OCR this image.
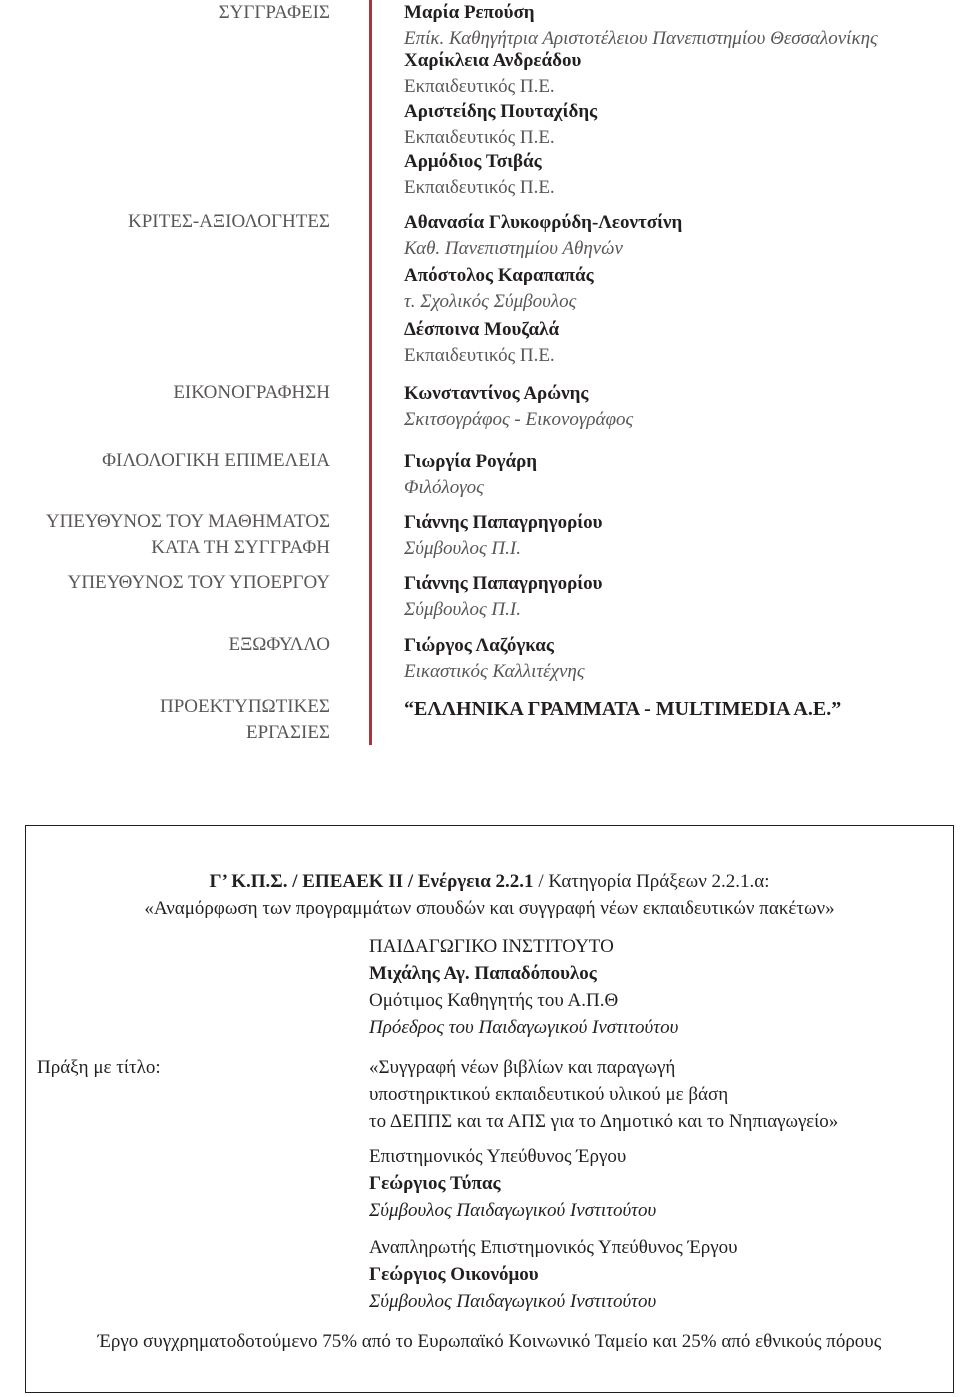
ΣΥΓΓΡΑΦΕΙΣ
ΚΡΙΤΕΣ-ΑΞΙΟΛΟΓΗΤΕΣ
ΕΙΚΟΝΟΓΡΑΦΗΣΗ
ΦΙΛΟΛΟΓΙΚΗ ΕΠΙΜΕΛΕΙΑ
ΥΠΕΥΘΥΝΟΣ ΤΟΥ ΜΑΘΗΜΑΤΟΣ
ΚΑΤΑ ΤΗ ΣΥΓΓΡΑΦΗ
ΥΠΕΥΘΥΝΟΣ ΤΟΥ ΥΠΟΕΡΓΟΥ
ΕΞΩΦΥΛΛΟ
ΠΡΟΕΚΤΥΠΩΤΙΚΕΣ
ΕΡΓΑΣΙΕΣ
Μαρία Ρεπούση
Επίκ. Καθηγήτρια Αριστοτέλειου Πανεπιστημίου Θεσσαλονίκης
Χαρίκλεια Ανδρεάδου
Εκπαιδευτικός Π.Ε.
Αριστείδης Πουταχίδης
Εκπαιδευτικός Π.Ε.
Αρμόδιος Τσιβάς
Εκπαιδευτικός Π.Ε.
Αθανασία Γλυκοφρύδη-Λεοντσίνη
Καθ. Πανεπιστημίου Αθηνών
Απόστολος Καραπαπάς
τ. Σχολικός Σύμβουλος
Δέσποινα Μουζαλά
Εκπαιδευτικός Π.Ε.
Κωνσταντίνος Αρώνης
Σκιτσογράφος - Εικονογράφος
Γιωργία Ρογάρη
Φιλόλογος
Γιάννης Παπαγρηγορίου
Σύμβουλος Π.Ι.
Γιάννης Παπαγρηγορίου
Σύμβουλος Π.Ι.
Γιώργος Λαζόγκας
Εικαστικός Καλλιτέχνης
“ΕΛΛΗΝΙΚΑ ΓΡΑΜΜΑΤΑ - MULTIMEDIA A.E.”
Γ’ Κ.Π.Σ. / ΕΠΕΑΕΚ ΙΙ / Ενέργεια 2.2.1 / Κατηγορία Πράξεων 2.2.1.α:
«Αναμόρφωση των προγραμμάτων σπουδών και συγγραφή νέων εκπαιδευτικών πακέτων»
ΠΑΙΔΑΓΩΓΙΚΟ ΙΝΣΤΙΤΟΥΤΟ
Μιχάλης Αγ. Παπαδόπουλος
Ομότιμος Καθηγητής του Α.Π.Θ
Πρόεδρος του Παιδαγωγικού Ινστιτούτου
Πράξη με τίτλο:	«Συγγραφή νέων βιβλίων και παραγωγή
υποστηρικτικού εκπαιδευτικού υλικού με βάση
το ΔΕΠΠΣ και τα ΑΠΣ για το Δημοτικό και το Νηπιαγωγείο»
Επιστημονικός Υπεύθυνος Έργου
Γεώργιος Τύπας
Σύμβουλος Παιδαγωγικού Ινστιτούτου
Αναπληρωτής Επιστημονικός Υπεύθυνος Έργου
Γεώργιος Οικονόμου
Σύμβουλος Παιδαγωγικού Ινστιτούτου
Έργο συγχρηματοδοτούμενο 75% από το Ευρωπαϊκό Κοινωνικό Ταμείο και 25% από εθνικούς πόρους
